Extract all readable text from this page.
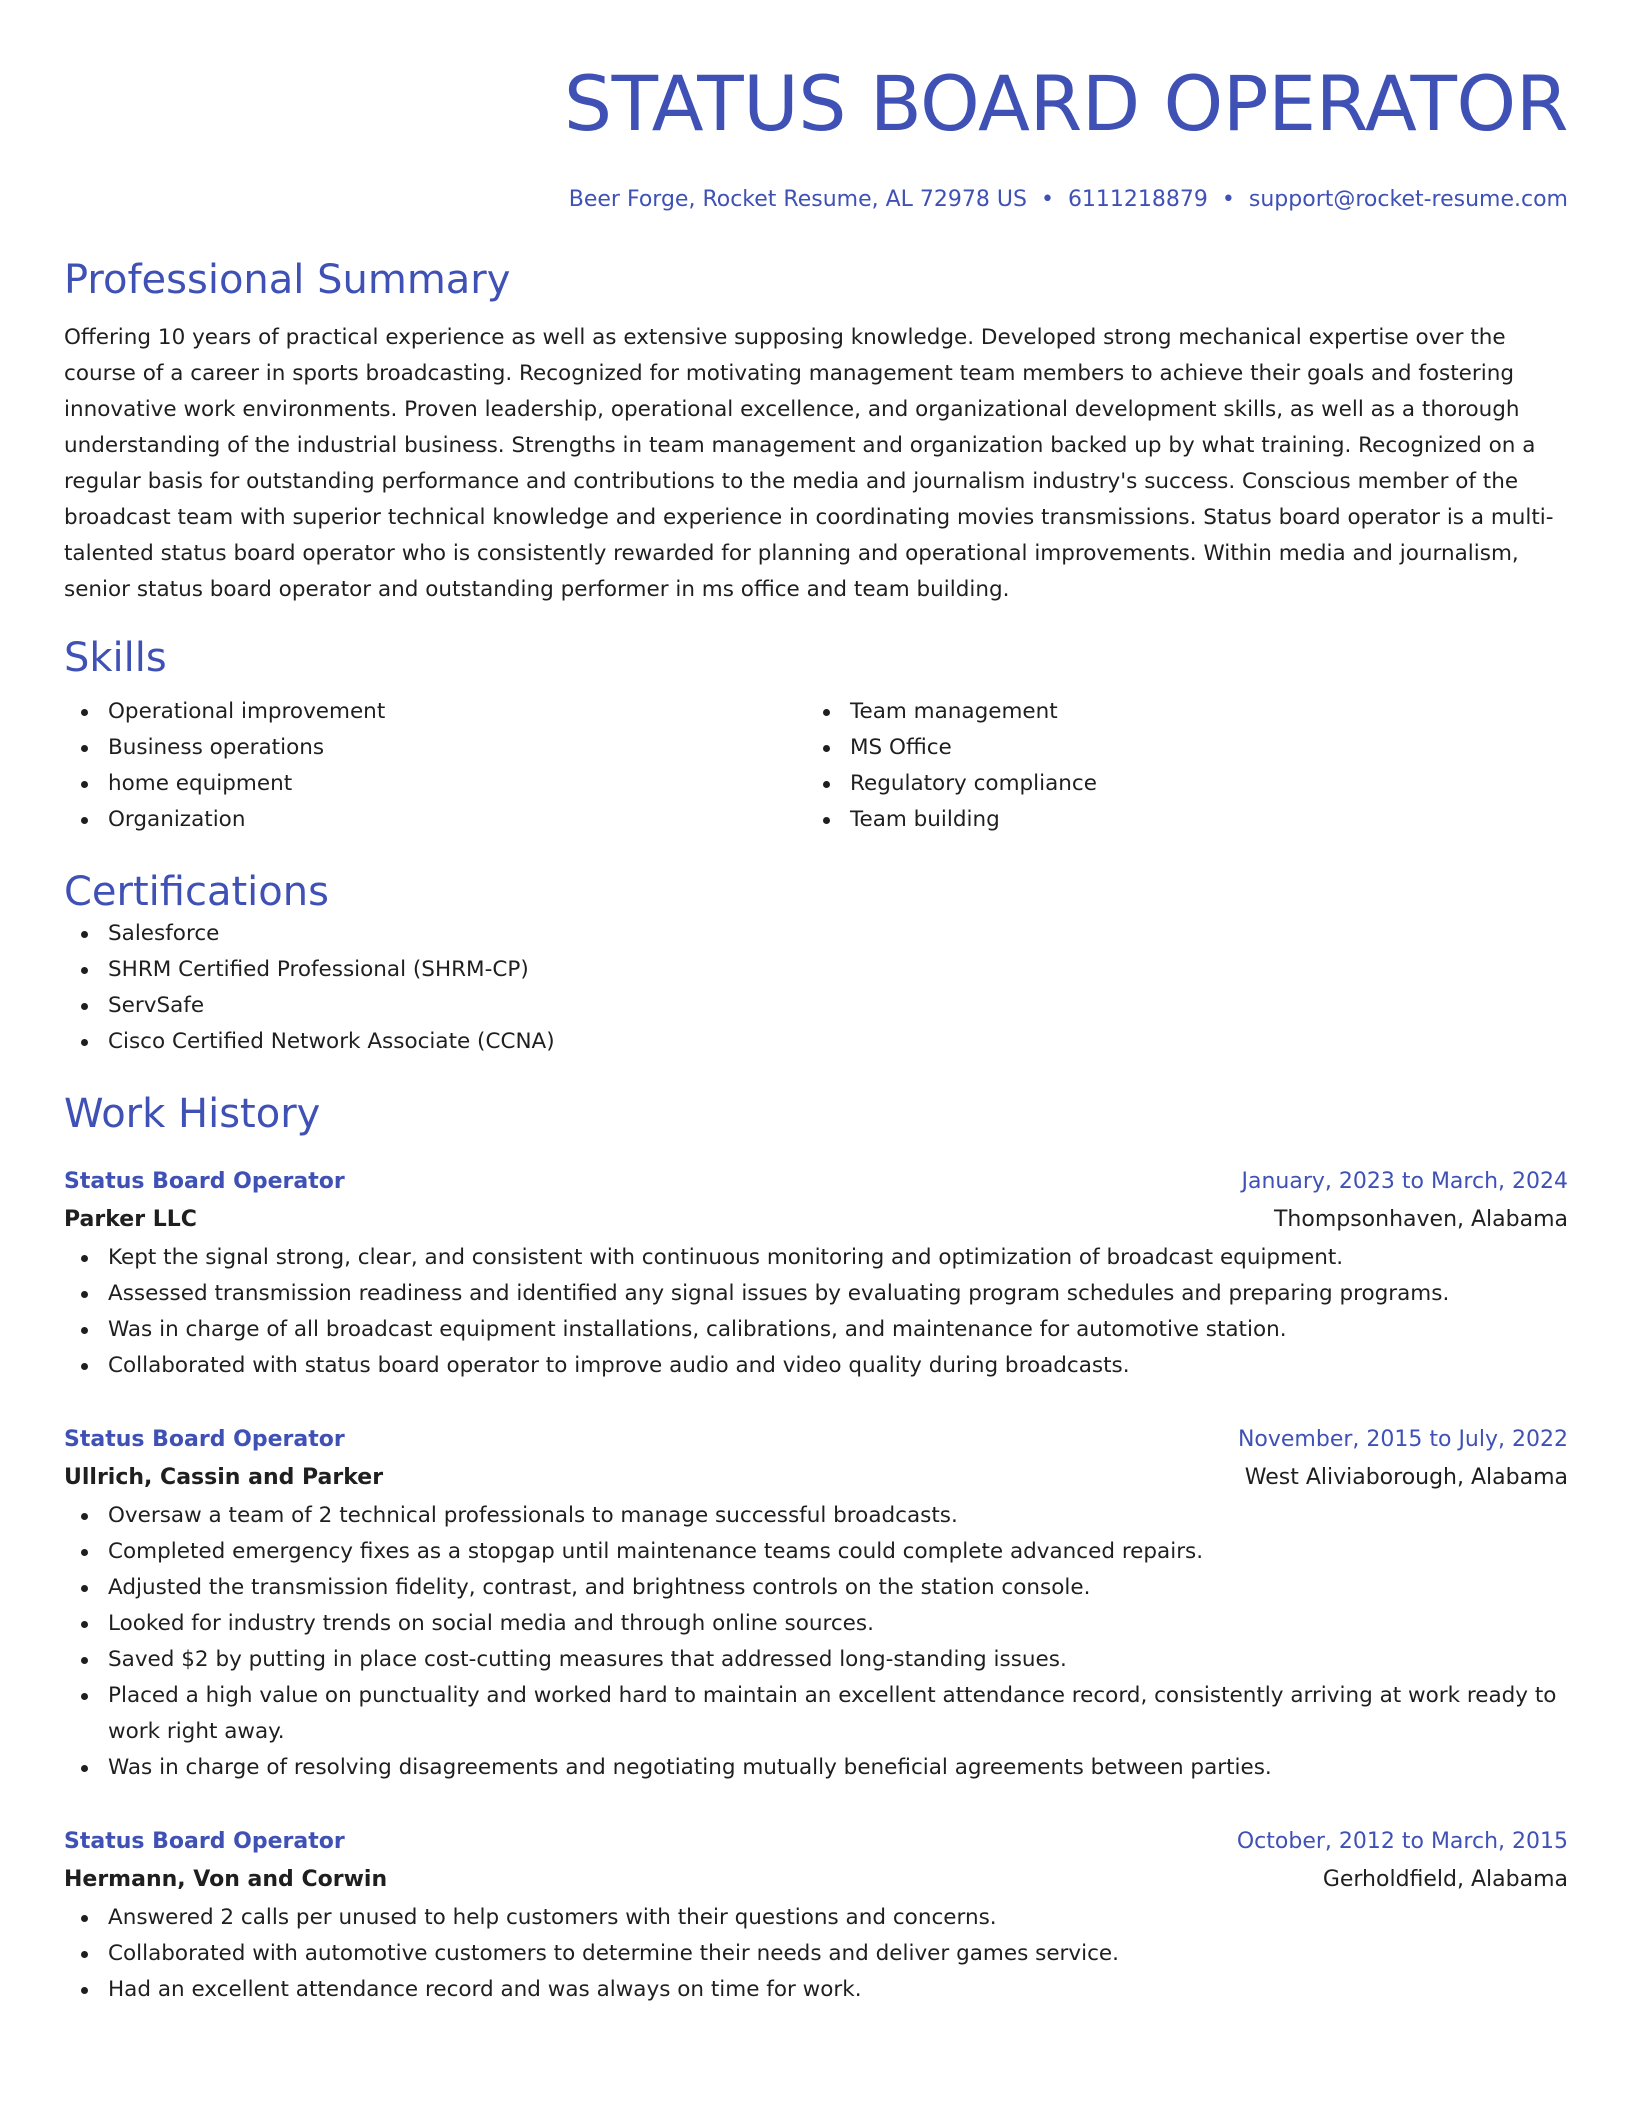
STATUS BOARD OPERATOR
Beer Forge, Rocket Resume, AL 72978 US • 6111218879 • support@rocket-resume.com
Professional Summary

Offering 10 years of practical experience as well as extensive supposing knowledge. Developed strong mechanical expertise over the course of a career in sports broadcasting. Recognized for motivating management team members to achieve their goals and fostering innovative work environments. Proven leadership, operational excellence, and organizational development skills, as well as a thorough understanding of the industrial business. Strengths in team management and organization backed up by what training. Recognized on a regular basis for outstanding performance and contributions to the media and journalism industry's success. Conscious member of the broadcast team with superior technical knowledge and experience in coordinating movies transmissions. Status board operator is a multi-talented status board operator who is consistently rewarded for planning and operational improvements. Within media and journalism, senior status board operator and outstanding performer in ms office and team building.

Skills
Operational improvement
Business operations
home equipment
Organization
Team management
MS Office
Regulatory compliance
Team building
Certifications
Salesforce
SHRM Certified Professional (SHRM-CP)
ServSafe
Cisco Certified Network Associate (CCNA)
Work History
Status Board Operator	January, 2023 to March, 2024
Parker LLC	Thompsonhaven, Alabama
Kept the signal strong, clear, and consistent with continuous monitoring and optimization of broadcast equipment.
Assessed transmission readiness and identified any signal issues by evaluating program schedules and preparing programs.
Was in charge of all broadcast equipment installations, calibrations, and maintenance for automotive station.
Collaborated with status board operator to improve audio and video quality during broadcasts.
Status Board Operator	November, 2015 to July, 2022
Ullrich, Cassin and Parker	West Aliviaborough, Alabama
Oversaw a team of 2 technical professionals to manage successful broadcasts.
Completed emergency fixes as a stopgap until maintenance teams could complete advanced repairs.
Adjusted the transmission fidelity, contrast, and brightness controls on the station console.
Looked for industry trends on social media and through online sources.
Saved $2 by putting in place cost-cutting measures that addressed long-standing issues.
Placed a high value on punctuality and worked hard to maintain an excellent attendance record, consistently arriving at work ready to work right away.
Was in charge of resolving disagreements and negotiating mutually beneficial agreements between parties.
Status Board Operator	October, 2012 to March, 2015
Hermann, Von and Corwin	Gerholdfield, Alabama
Answered 2 calls per unused to help customers with their questions and concerns.
Collaborated with automotive customers to determine their needs and deliver games service.
Had an excellent attendance record and was always on time for work.
